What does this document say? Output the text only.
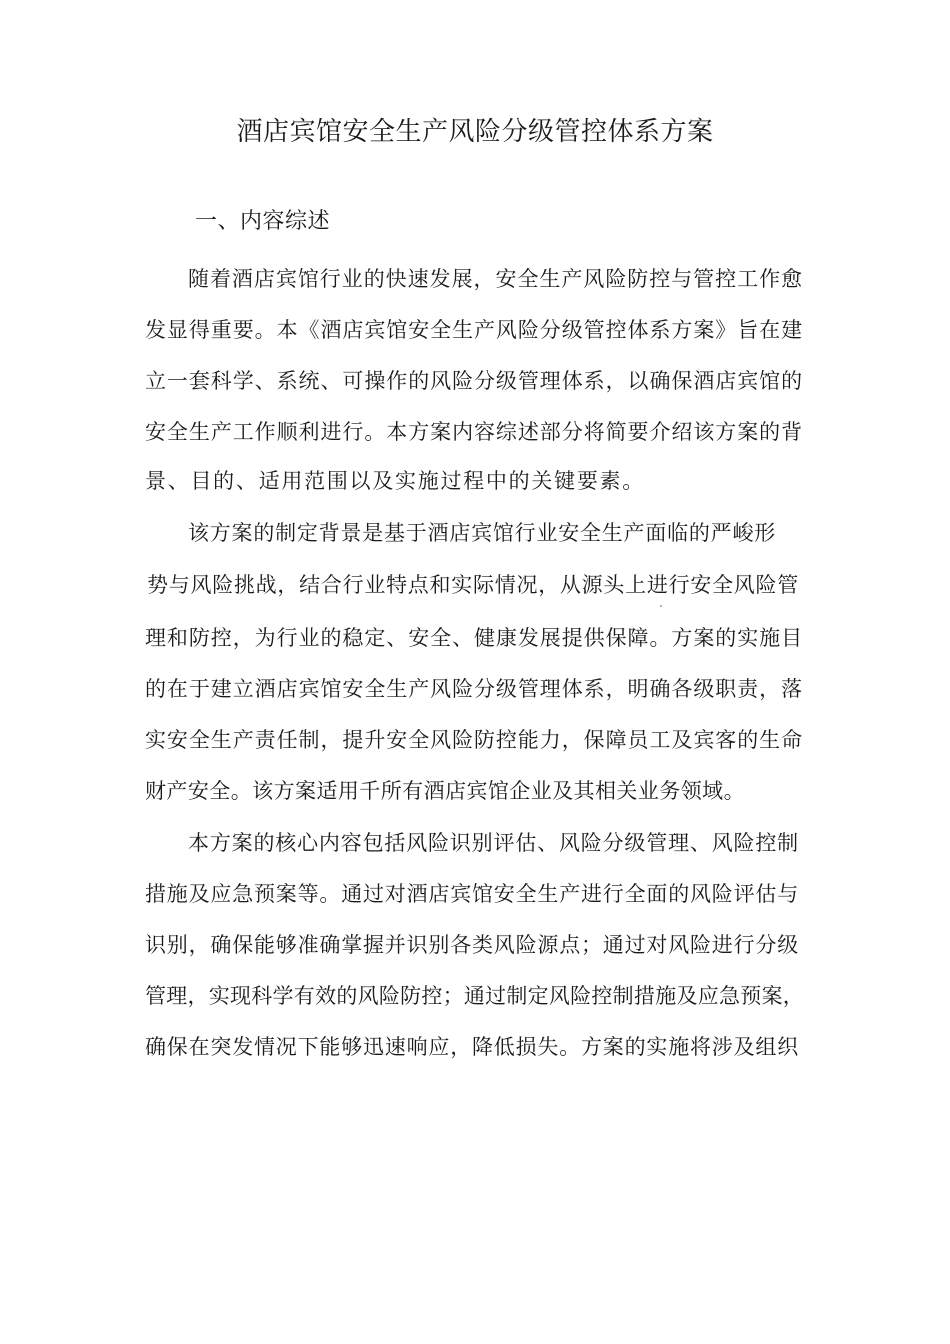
酒店宾馆安全生产风险分级管控体系方案
一、内容综述

随着酒店宾馆行业的快速发展，安全生产风险防控与管控工作愈

发显得重要。本《酒店宾馆安全生产风险分级管控体系方案》旨在建

立一套科学、系统、可操作的风险分级管理体系，以确保酒店宾馆的

安全生产工作顺利进行。本方案内容综述部分将简要介绍该方案的背

景、目的、适用范围以及实施过程中的关键要素。

该方案的制定背景是基于酒店宾馆行业安全生产面临的严峻形

势与风险挑战，结合行业特点和实际情况，从源头上进行安全风险管

理和防控，为行业的稳定、安全、健康发展提供保障。方案的实施目

的在于建立酒店宾馆安全生产风险分级管理体系，明确各级职责，落

实安全生产责任制，提升安全风险防控能力，保障员工及宾客的生命

财产安全。该方案适用千所有酒店宾馆企业及其相关业务领域。

本方案的核心内容包括风险识别评估、风险分级管理、风险控制

措施及应急预案等。通过对酒店宾馆安全生产进行全面的风险评估与

识别，确保能够准确掌握并识别各类风险源点；通过对风险进行分级

管理，实现科学有效的风险防控；通过制定风险控制措施及应急预案，

确保在突发情况下能够迅速响应，降低损失。方案的实施将涉及组织
